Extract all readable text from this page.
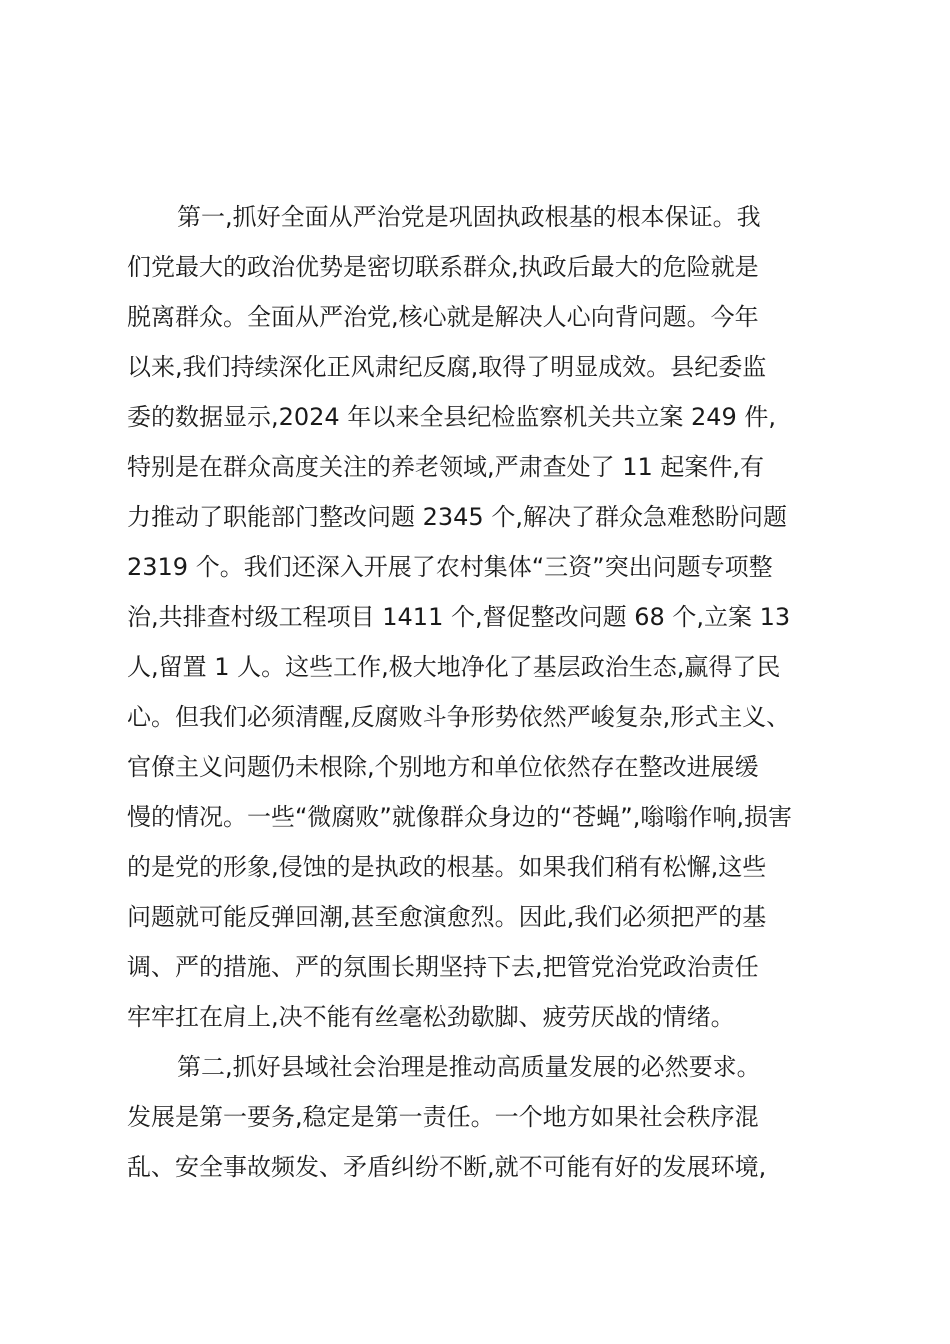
第一,抓好全面从严治党是巩固执政根基的根本保证。我
们党最大的政治优势是密切联系群众,执政后最大的危险就是
脱离群众。全面从严治党,核心就是解决人心向背问题。今年
以来,我们持续深化正风肃纪反腐,取得了明显成效。县纪委监
委的数据显示,2024 年以来全县纪检监察机关共立案 249 件,
特别是在群众高度关注的养老领域,严肃查处了 11 起案件,有
力推动了职能部门整改问题 2345 个,解决了群众急难愁盼问题
2319 个。我们还深入开展了农村集体“三资”突出问题专项整
治,共排查村级工程项目 1411 个,督促整改问题 68 个,立案 13
人,留置 1 人。这些工作,极大地净化了基层政治生态,赢得了民
心。但我们必须清醒,反腐败斗争形势依然严峻复杂,形式主义、
官僚主义问题仍未根除,个别地方和单位依然存在整改进展缓
慢的情况。一些“微腐败”就像群众身边的“苍蝇”,嗡嗡作响,损害
的是党的形象,侵蚀的是执政的根基。如果我们稍有松懈,这些
问题就可能反弹回潮,甚至愈演愈烈。因此,我们必须把严的基
调、严的措施、严的氛围长期坚持下去,把管党治党政治责任
牢牢扛在肩上,决不能有丝毫松劲歇脚、疲劳厌战的情绪。
第二,抓好县域社会治理是推动高质量发展的必然要求。
发展是第一要务,稳定是第一责任。一个地方如果社会秩序混
乱、安全事故频发、矛盾纠纷不断,就不可能有好的发展环境,
